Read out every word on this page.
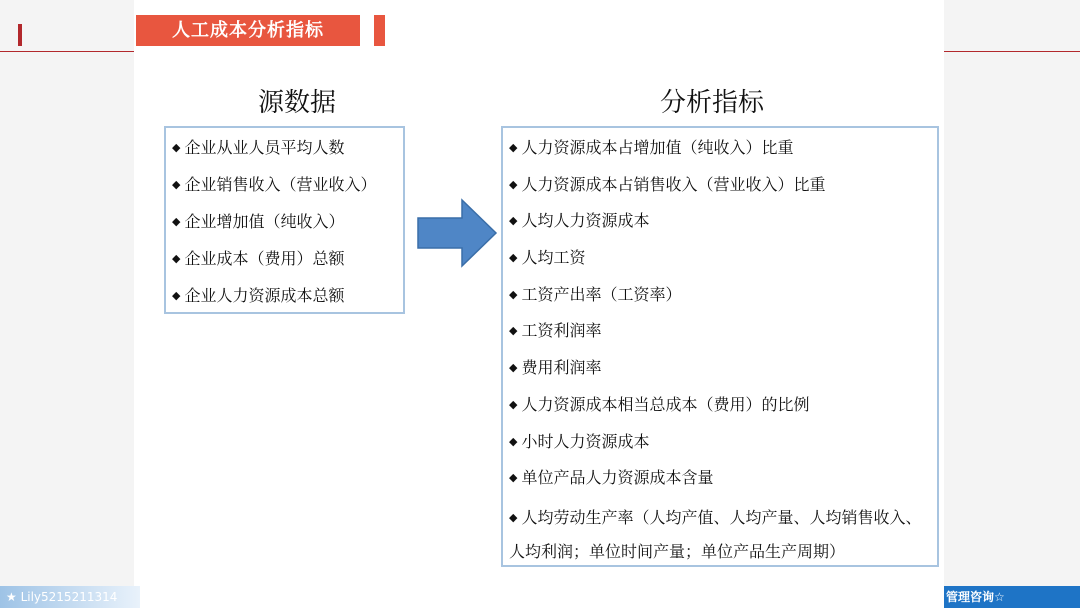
人工成本分析指标
源数据	分析指标
◆ 企业从业人员平均人数
◆ 企业销售收入（营业收入）
◆ 企业增加值（纯收入）
◆ 企业成本（费用）总额
◆ 企业人力资源成本总额
◆ 人力资源成本占增加值（纯收入）比重
◆ 人力资源成本占销售收入（营业收入）比重
◆ 人均人力资源成本
◆ 人均工资
◆ 工资产出率（工资率）
◆ 工资利润率
◆ 费用利润率
◆ 人力资源成本相当总成本（费用）的比例
◆ 小时人力资源成本
◆ 单位产品人力资源成本含量
◆ 人均劳动生产率（人均产值、人均产量、人均销售收入、人均利润；单位时间产量；单位产品生产周期）
★ Lily5215211314	管理咨询☆
